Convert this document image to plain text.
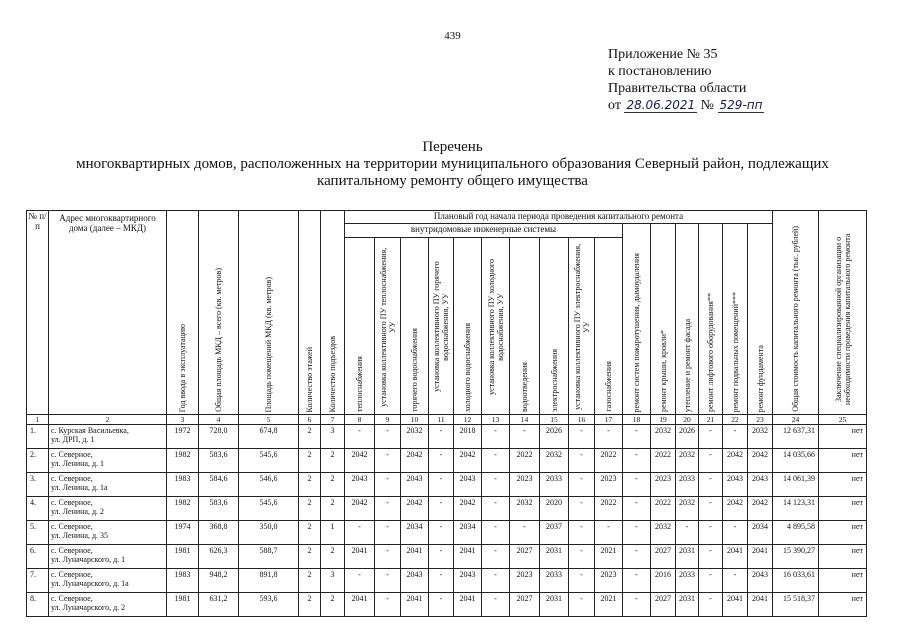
439
Приложение № 35
к постановлению
Правительства области
от 28.06.2021 № 529-пп
Перечень
многоквартирных домов, расположенных на территории муниципального образования Северный район, подлежащих
капитальному ремонту общего имущества
№ п/п	Адрес многоквартирного дома (далее – МКД)	Год ввода в эксплуатацию	Общая площадь МКД – всего (кв. метров)	Площадь помещений МКД (кв. метров)	Количество этажей	Количество подъездов	Плановый год начала периода проведения капитального ремонта																Общая стоимость капитального ремонта (тыс. рублей)	Заключение специализированной организации о необходимости проведения капитального ремонта
							внутридомовые инженерные системы										ремонт систем пожаротушения, дымоудаления	ремонт крыши, кровли*	утепление и ремонт фасада	ремонт лифтового оборудования**	ремонт подвальных помещений***	ремонт фундамента		
							теплоснабжения	установка коллективного ПУ теплоснабжения, УУ	горячего водоснабжения	установка коллективного ПУ горячего водоснабжения, УУ	холодного водоснабжения	установка коллективного ПУ холодного водоснабжения, УУ	водоотведения	электроснабжения	установка коллективного ПУ электроснабжения, УУ	газоснабжения								
1	2	3	4	5	6	7	8	9	10	11	12	13	14	15	16	17	18	19	20	21	22	23	24	25
1.	с. Курская Васильевка,
ул. ДРП, д. 1	1972	728,0	674,8	2	3	-	-	2032	-	2018	-	-	2026	-	-	-	2032	2026	-	-	2032	12 637,31	нет
2.	с. Северное,
ул. Ленина, д. 1	1982	583,6	545,6	2	2	2042	-	2042	-	2042	-	2022	2032	-	2022	-	2022	2032	-	2042	2042	14 035,66	нет
3.	с. Северное,
ул. Ленина, д. 1а	1983	584,6	546,6	2	2	2043	-	2043	-	2043	-	2023	2033	-	2023	-	2023	2033	-	2043	2043	14 061,39	нет
4.	с. Северное,
ул. Ленина, д. 2	1982	583,6	545,6	2	2	2042	-	2042	-	2042	-	2032	2020	-	2022	-	2022	2032	-	2042	2042	14 123,31	нет
5.	с. Северное,
ул. Ленина, д. 35	1974	368,8	350,0	2	1	-	-	2034	-	2034	-	-	2037	-	-	-	2032	-	-	-	2034	4 895,58	нет
6.	с. Северное,
ул. Луначарского, д. 1	1981	626,3	588,7	2	2	2041	-	2041	-	2041	-	2027	2031	-	2021	-	2027	2031	-	2041	2041	15 390,27	нет
7.	с. Северное,
ул. Луначарского, д. 1а	1983	948,2	891,8	2	3	-	-	2043	-	2043	-	2023	2033	-	2023	-	2016	2033	-	-	2043	16 033,61	нет
8.	с. Северное,
ул. Луначарского, д. 2	1981	631,2	593,6	2	2	2041	-	2041	-	2041	-	2027	2031	-	2021	-	2027	2031	-	2041	2041	15 518,37	нет
